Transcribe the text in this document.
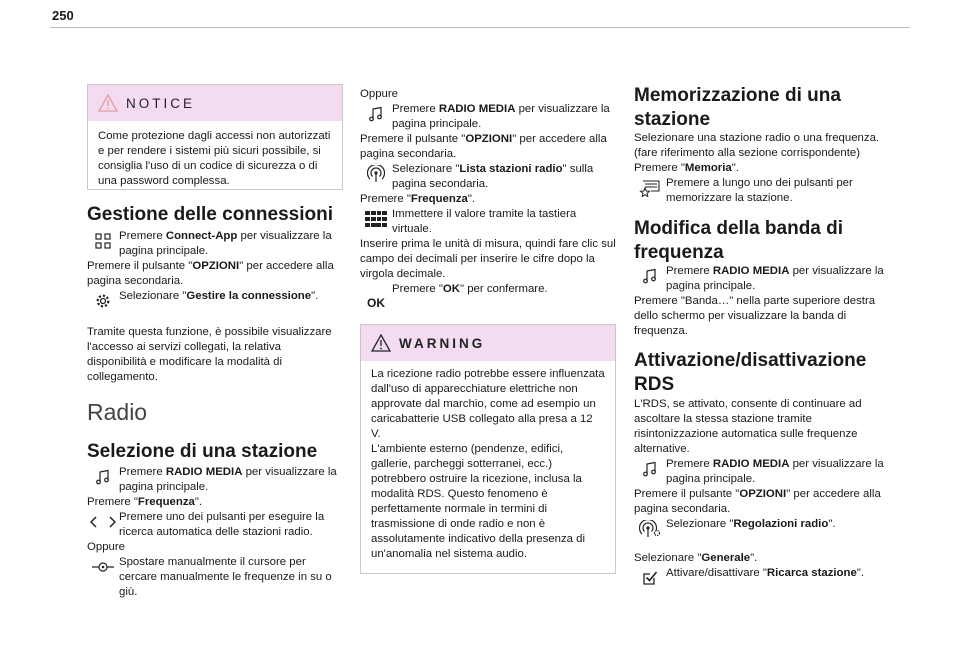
250
NOTICE
Come protezione dagli accessi non autorizzati e per rendere i sistemi più sicuri possibile, si consiglia l'uso di un codice di sicurezza o di una password complessa.
Gestione delle connessioni
Premere Connect-App per visualizzare la pagina principale.

Premere il pulsante "OPZIONI" per accedere alla pagina secondaria.

Selezionare "Gestire la connessione".

Tramite questa funzione, è possibile visualizzare l'accesso ai servizi collegati, la relativa disponibilità e modificare la modalità di collegamento.

Radio
Selezione di una stazione
Premere RADIO MEDIA per visualizzare la pagina principale.

Premere "Frequenza".

Premere uno dei pulsanti per eseguire la ricerca automatica delle stazioni radio.

Oppure

Spostare manualmente il cursore per cercare manualmente le frequenze in su o giù.

Oppure

Premere RADIO MEDIA per visualizzare la pagina principale.

Premere il pulsante "OPZIONI" per accedere alla pagina secondaria.

Selezionare "Lista stazioni radio" sulla pagina secondaria.

Premere "Frequenza".

Immettere il valore tramite la tastiera virtuale.

Inserire prima le unità di misura, quindi fare clic sul campo dei decimali per inserire le cifre dopo la virgola decimale.

OK
Premere "OK" per confermare.
WARNING
La ricezione radio potrebbe essere influenzata dall'uso di apparecchiature elettriche non approvate dal marchio, come ad esempio un caricabatterie USB collegato alla presa a 12 V.
L'ambiente esterno (pendenze, edifici, gallerie, parcheggi sotterranei, ecc.) potrebbero ostruire la ricezione, inclusa la modalità RDS. Questo fenomeno è perfettamente normale in termini di trasmissione di onde radio e non è assolutamente indicativo della presenza di un'anomalia nel sistema audio.
Memorizzazione di una stazione

Selezionare una stazione radio o una frequenza.

(fare riferimento alla sezione corrispondente)

Premere "Memoria".

Premere a lungo uno dei pulsanti per memorizzare la stazione.
Modifica della banda di frequenza
Premere RADIO MEDIA per visualizzare la pagina principale.

Premere "Banda…" nella parte superiore destra dello schermo per visualizzare la banda di frequenza.

Attivazione/disattivazione RDS

L'RDS, se attivato, consente di continuare ad ascoltare la stessa stazione tramite risintonizzazione automatica sulle frequenze alternative.

Premere RADIO MEDIA per visualizzare la pagina principale.

Premere il pulsante "OPZIONI" per accedere alla pagina secondaria.

Selezionare "Regolazioni radio".

Selezionare "Generale".

Attivare/disattivare "Ricarca stazione".
